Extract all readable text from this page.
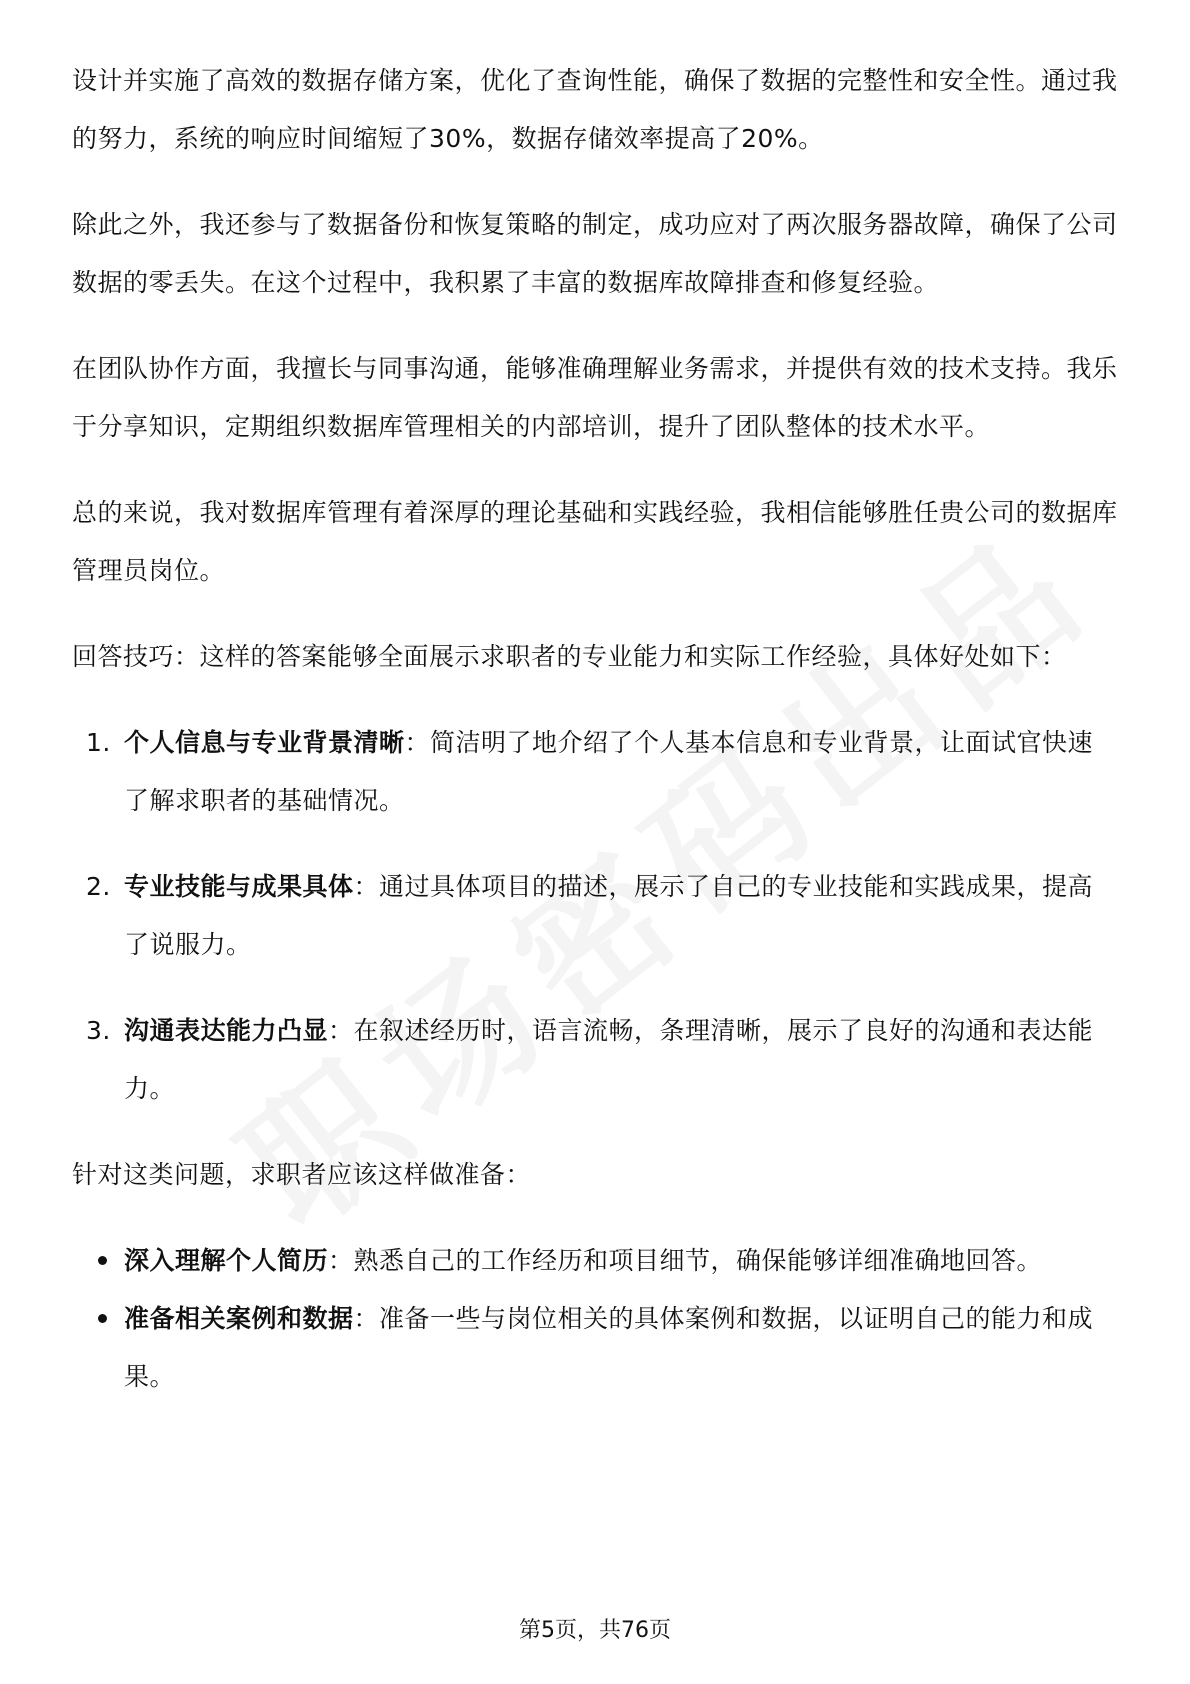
设计并实施了高效的数据存储方案，优化了查询性能，确保了数据的完整性和安全性。通过我的努力，系统的响应时间缩短了30%，数据存储效率提高了20%。

除此之外，我还参与了数据备份和恢复策略的制定，成功应对了两次服务器故障，确保了公司数据的零丢失。在这个过程中，我积累了丰富的数据库故障排查和修复经验。

在团队协作方面，我擅长与同事沟通，能够准确理解业务需求，并提供有效的技术支持。我乐于分享知识，定期组织数据库管理相关的内部培训，提升了团队整体的技术水平。

总的来说，我对数据库管理有着深厚的理论基础和实践经验，我相信能够胜任贵公司的数据库管理员岗位。

回答技巧：这样的答案能够全面展示求职者的专业能力和实际工作经验，具体好处如下：

1. 个人信息与专业背景清晰：简洁明了地介绍了个人基本信息和专业背景，让面试官快速了解求职者的基础情况。
2. 专业技能与成果具体：通过具体项目的描述，展示了自己的专业技能和实践成果，提高了说服力。
3. 沟通表达能力凸显：在叙述经历时，语言流畅，条理清晰，展示了良好的沟通和表达能力。

针对这类问题，求职者应该这样做准备：

深入理解个人简历：熟悉自己的工作经历和项目细节，确保能够详细准确地回答。
准备相关案例和数据：准备一些与岗位相关的具体案例和数据，以证明自己的能力和成果。
第5页，共76页
